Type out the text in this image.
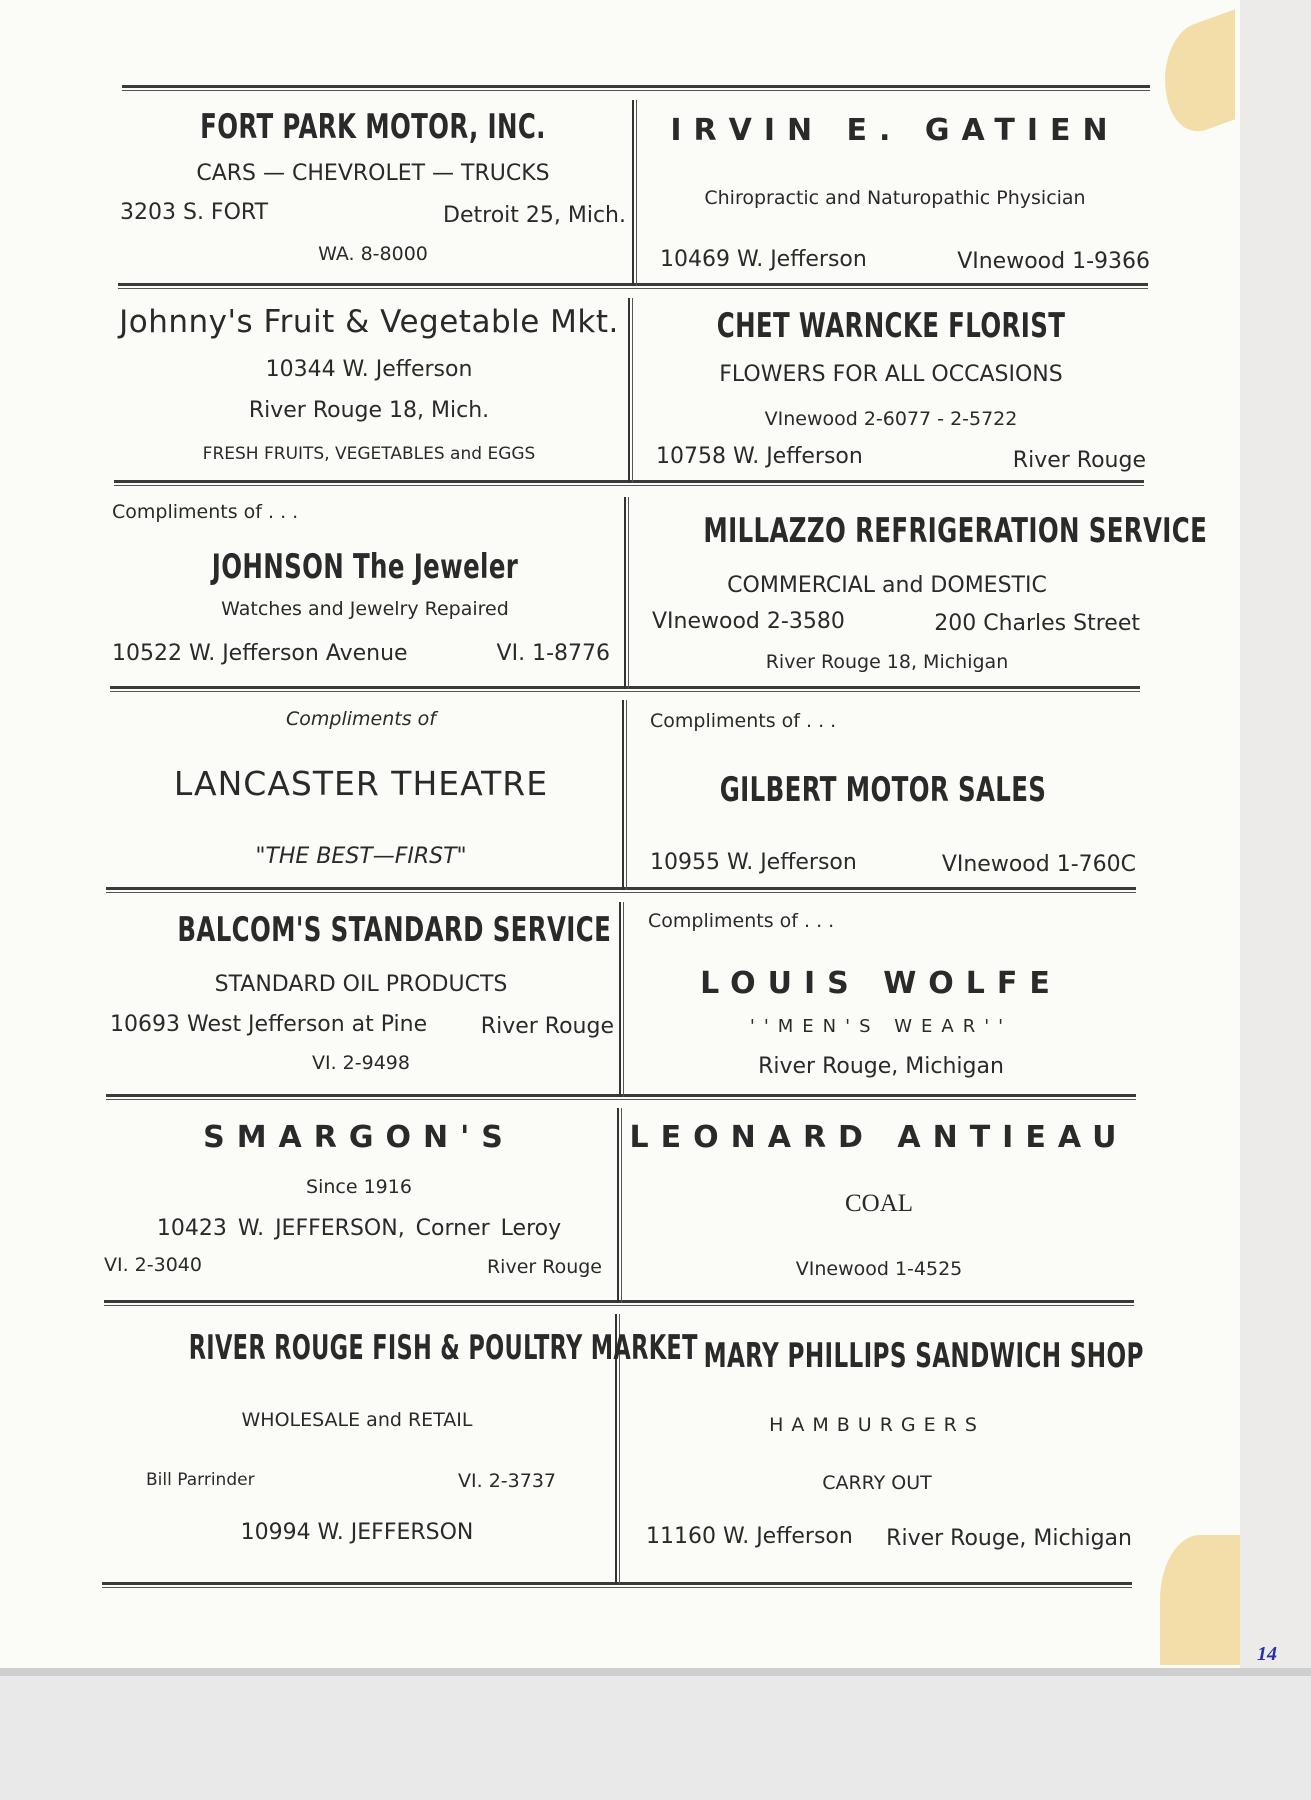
FORT PARK MOTOR, INC.
CARS — CHEVROLET — TRUCKS
3203 S. FORT	Detroit 25, Mich.
WA. 8-8000
IRVIN E. GATIEN
Chiropractic and Naturopathic Physician
10469 W. Jefferson	VInewood 1-9366
Johnny's Fruit & Vegetable Mkt.
10344 W. Jefferson
River Rouge 18, Mich.
FRESH FRUITS, VEGETABLES and EGGS
CHET WARNCKE FLORIST
FLOWERS FOR ALL OCCASIONS
VInewood 2-6077 - 2-5722
10758 W. Jefferson	River Rouge
Compliments of . . .
JOHNSON The Jeweler
Watches and Jewelry Repaired
10522 W. Jefferson Avenue	VI. 1-8776
MILLAZZO REFRIGERATION SERVICE
COMMERCIAL and DOMESTIC
VInewood 2-3580	200 Charles Street
River Rouge 18, Michigan
Compliments of
LANCASTER THEATRE
"THE BEST—FIRST"
Compliments of . . .
GILBERT MOTOR SALES
10955 W. Jefferson	VInewood 1-760C
BALCOM'S STANDARD SERVICE
STANDARD OIL PRODUCTS
10693 West Jefferson at Pine River Rouge
VI. 2-9498
Compliments of . . .
LOUIS WOLFE
''MEN'S WEAR''
River Rouge, Michigan
SMARGON'S
Since 1916
10423 W. JEFFERSON, Corner Leroy
VI. 2-3040	River Rouge
LEONARD ANTIEAU
COAL
VInewood 1-4525
RIVER ROUGE FISH & POULTRY MARKET
WHOLESALE and RETAIL
Bill Parrinder	VI. 2-3737
10994 W. JEFFERSON
MARY PHILLIPS SANDWICH SHOP
HAMBURGERS
CARRY OUT
11160 W. Jefferson River Rouge, Michigan
14
